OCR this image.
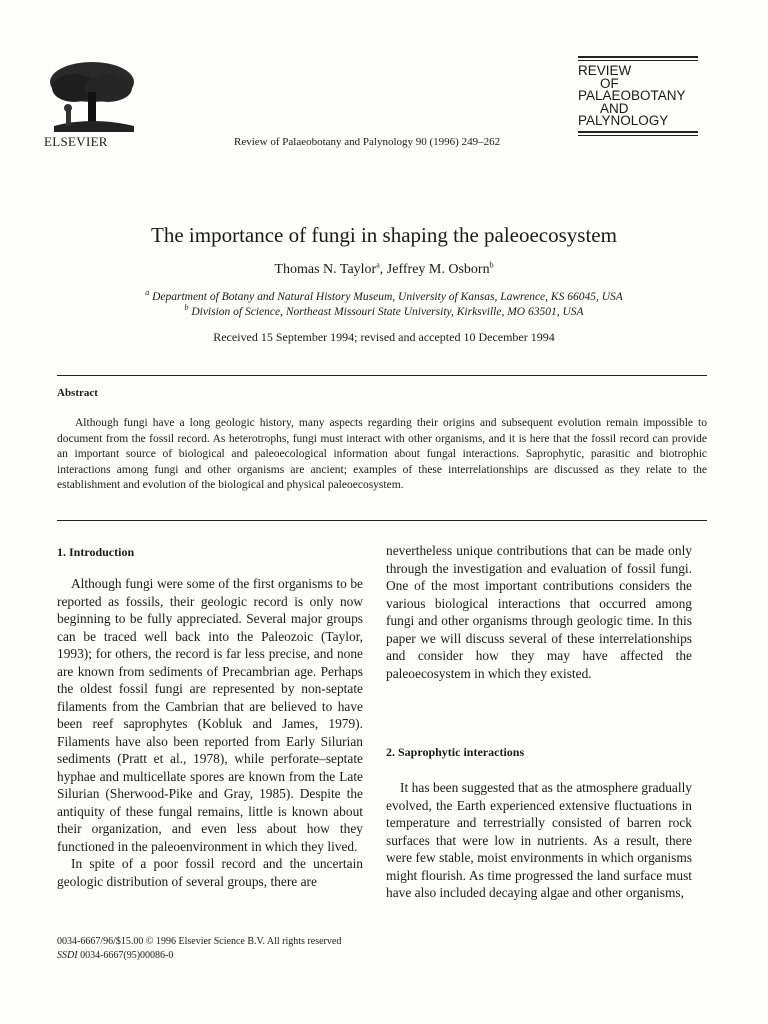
ELSEVIER	Review of Palaeobotany and Palynology 90 (1996) 249–262
REVIEW
OF
PALAEOBOTANY
AND
PALYNOLOGY
The importance of fungi in shaping the paleoecosystem
Thomas N. Taylor$^a$, Jeffrey M. Osborn$^b$
$^a$ Department of Botany and Natural History Museum, University of Kansas, Lawrence, KS 66045, USA
$^b$ Division of Science, Northeast Missouri State University, Kirksville, MO 63501, USA
Received 15 September 1994; revised and accepted 10 December 1994
Abstract

Although fungi have a long geologic history, many aspects regarding their origins and subsequent evolution remain impossible to document from the fossil record. As heterotrophs, fungi must interact with other organisms, and it is here that the fossil record can provide an important source of biological and paleoecological information about fungal interactions. Saprophytic, parasitic and biotrophic interactions among fungi and other organisms are ancient; examples of these interrelationships are discussed as they relate to the establishment and evolution of the biological and physical paleoecosystem.

1. Introduction

Although fungi were some of the first organisms to be reported as fossils, their geologic record is only now beginning to be fully appreciated. Several major groups can be traced well back into the Paleozoic (Taylor, 1993); for others, the record is far less precise, and none are known from sediments of Precambrian age. Perhaps the oldest fossil fungi are represented by non-septate filaments from the Cambrian that are believed to have been reef saprophytes (Kobluk and James, 1979). Filaments have also been reported from Early Silurian sediments (Pratt et al., 1978), while perforate–septate hyphae and multicellate spores are known from the Late Silurian (Sherwood-Pike and Gray, 1985). Despite the antiquity of these fungal remains, little is known about their organization, and even less about how they functioned in the paleoenvironment in which they lived.

In spite of a poor fossil record and the uncertain geologic distribution of several groups, there are

nevertheless unique contributions that can be made only through the investigation and evaluation of fossil fungi. One of the most important contributions considers the various biological interactions that occurred among fungi and other organisms through geologic time. In this paper we will discuss several of these interrelationships and consider how they may have affected the paleoecosystem in which they existed.

2. Saprophytic interactions

It has been suggested that as the atmosphere gradually evolved, the Earth experienced extensive fluctuations in temperature and terrestrially consisted of barren rock surfaces that were low in nutrients. As a result, there were few stable, moist environments in which organisms might flourish. As time progressed the land surface must have also included decaying algae and other organisms,

0034-6667/96/$15.00 © 1996 Elsevier Science B.V. All rights reserved
SSDI 0034-6667(95)00086-0
